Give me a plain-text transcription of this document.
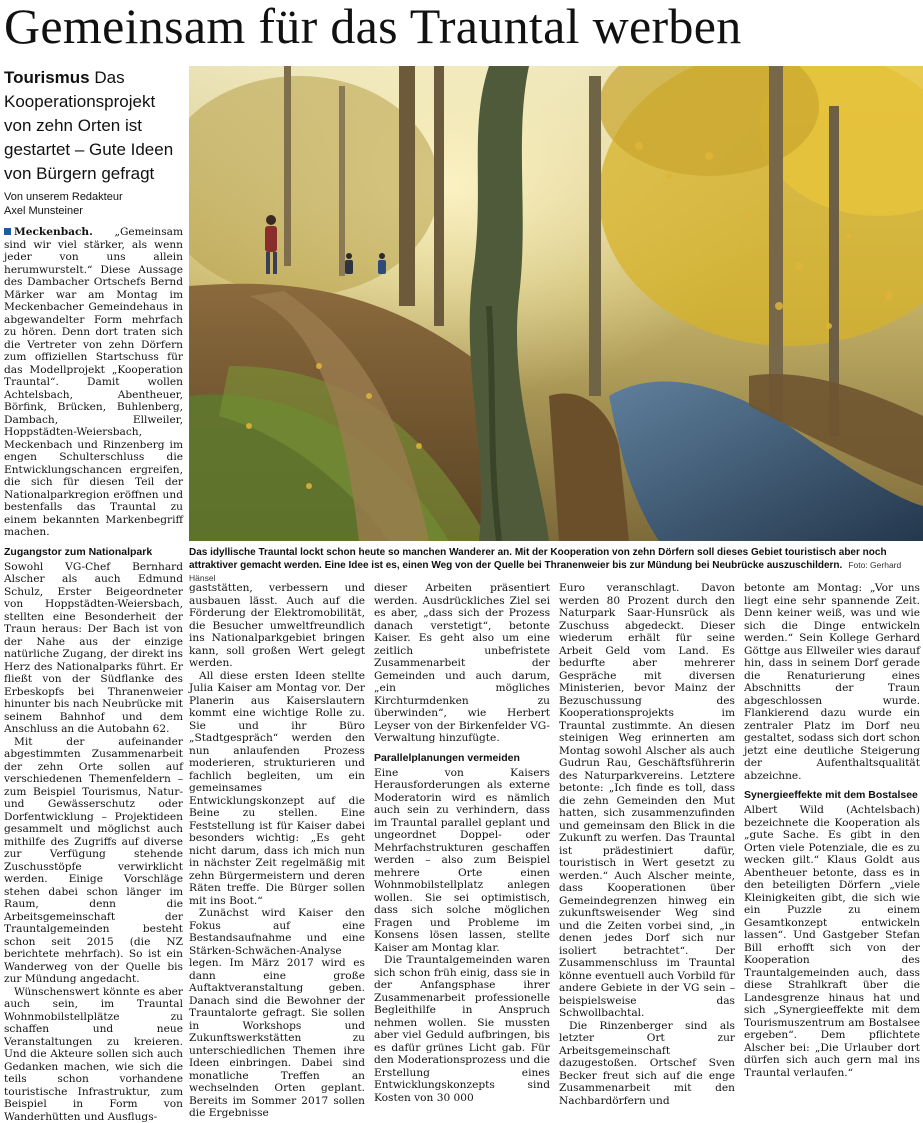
Gemeinsam für das Trauntal werben
Tourismus Das Kooperationsprojekt von zehn Orten ist gestartet – Gute Ideen von Bürgern gefragt
Von unserem Redakteur
Axel Munsteiner
Das idyllische Trauntal lockt schon heute so manchen Wanderer an. Mit der Kooperation von zehn Dörfern soll dieses Gebiet touristisch aber noch attraktiver gemacht werden. Eine Idee ist es, einen Weg von der Quelle bei Thranenweier bis zur Mündung bei Neubrücke auszuschildern. Foto: Gerhard Hänsel

Meckenbach. „Gemeinsam sind wir viel stärker, als wenn jeder von uns allein herumwurstelt.“ Diese Aussage des Dambacher Ortschefs Bernd Märker war am Montag im Meckenbacher Gemeindehaus in abgewandelter Form mehrfach zu hören. Denn dort traten sich die Vertreter von zehn Dörfern zum offiziellen Startschuss für das Modellprojekt „Kooperation Trauntal“. Damit wollen Achtelsbach, Abentheuer, Börfink, Brücken, Buhlenberg, Dambach, Ellweiler, Hoppstädten-Weiersbach, Meckenbach und Rinzenberg im engen Schulterschluss die Entwicklungschancen ergreifen, die sich für diesen Teil der Nationalparkregion eröffnen und bestenfalls das Trauntal zu einem bekannten Markenbegriff machen.

Zugangstor zum Nationalpark

Sowohl VG-Chef Bernhard Alscher als auch Edmund Schulz, Erster Beigeordneter von Hoppstädten-Weiersbach, stellten eine Besonderheit der Traun heraus: Der Bach ist von der Nahe aus der einzige natürliche Zugang, der direkt ins Herz des Nationalparks führt. Er fließt von der Südflanke des Erbeskopfs bei Thranenweier hinunter bis nach Neubrücke mit seinem Bahnhof und dem Anschluss an die Autobahn 62.

Mit der aufeinander abgestimmten Zusammenarbeit der zehn Orte sollen auf verschiedenen Themenfeldern – zum Beispiel Tourismus, Natur- und Gewässerschutz oder Dorfentwicklung – Projektideen gesammelt und möglichst auch mithilfe des Zugriffs auf diverse zur Verfügung stehende Zuschusstöpfe verwirklicht werden. Einige Vorschläge stehen dabei schon länger im Raum, denn die Arbeitsgemeinschaft der Trauntalgemeinden besteht schon seit 2015 (die NZ berichtete mehrfach). So ist ein Wanderweg von der Quelle bis zur Mündung angedacht.

Wünschenswert könnte es aber auch sein, im Trauntal Wohnmobilstellplätze zu schaffen und neue Veranstaltungen zu kreieren. Und die Akteure sollen sich auch Gedanken machen, wie sich die teils schon vorhandene touristische Infrastruktur, zum Beispiel in Form von Wanderhütten und Ausflugs-

gaststätten, verbessern und ausbauen lässt. Auch auf die Förderung der Elektromobilität, die Besucher umweltfreundlich ins Nationalparkgebiet bringen kann, soll großen Wert gelegt werden.

All diese ersten Ideen stellte Julia Kaiser am Montag vor. Der Planerin aus Kaiserslautern kommt eine wichtige Rolle zu. Sie und ihr Büro „Stadtgespräch“ werden den nun anlaufenden Prozess moderieren, strukturieren und fachlich begleiten, um ein gemeinsames Entwicklungskonzept auf die Beine zu stellen. Eine Feststellung ist für Kaiser dabei besonders wichtig: „Es geht nicht darum, dass ich mich nun in nächster Zeit regelmäßig mit zehn Bürgermeistern und deren Räten treffe. Die Bürger sollen mit ins Boot.“

Zunächst wird Kaiser den Fokus auf eine Bestandsaufnahme und eine Stärken-Schwächen-Analyse legen. Im März 2017 wird es dann eine große Auftaktveranstaltung geben. Danach sind die Bewohner der Trauntalorte gefragt. Sie sollen in Workshops und Zukunftswerkstätten zu unterschiedlichen Themen ihre Ideen einbringen. Dabei sind monatliche Treffen an wechselnden Orten geplant. Bereits im Sommer 2017 sollen die Ergebnisse

dieser Arbeiten präsentiert werden. Ausdrückliches Ziel sei es aber, „dass sich der Prozess danach verstetigt“, betonte Kaiser. Es geht also um eine zeitlich unbefristete Zusammenarbeit der Gemeinden und auch darum, „ein mögliches Kirchturmdenken zu überwinden“, wie Herbert Leyser von der Birkenfelder VG-Verwaltung hinzufügte.

Parallelplanungen vermeiden

Eine von Kaisers Herausforderungen als externe Moderatorin wird es nämlich auch sein zu verhindern, dass im Trauntal parallel geplant und ungeordnet Doppel- oder Mehrfachstrukturen geschaffen werden – also zum Beispiel mehrere Orte einen Wohnmobilstellplatz anlegen wollen. Sie sei optimistisch, dass sich solche möglichen Fragen und Probleme im Konsens lösen lassen, stellte Kaiser am Montag klar.

Die Trauntalgemeinden waren sich schon früh einig, dass sie in der Anfangsphase ihrer Zusammenarbeit professionelle Begleithilfe in Anspruch nehmen wollen. Sie mussten aber viel Geduld aufbringen, bis es dafür grünes Licht gab. Für den Moderationsprozess und die Erstellung eines Entwicklungskonzepts sind Kosten von 30 000

Euro veranschlagt. Davon werden 80 Prozent durch den Naturpark Saar-Hunsrück als Zuschuss abgedeckt. Dieser wiederum erhält für seine Arbeit Geld vom Land. Es bedurfte aber mehrerer Gespräche mit diversen Ministerien, bevor Mainz der Bezuschussung des Kooperationsprojekts im Trauntal zustimmte. An diesen steinigen Weg erinnerten am Montag sowohl Alscher als auch Gudrun Rau, Geschäftsführerin des Naturparkvereins. Letztere betonte: „Ich finde es toll, dass die zehn Gemeinden den Mut hatten, sich zusammenzufinden und gemeinsam den Blick in die Zukunft zu werfen. Das Trauntal ist prädestiniert dafür, touristisch in Wert gesetzt zu werden.“ Auch Alscher meinte, dass Kooperationen über Gemeindegrenzen hinweg ein zukunftsweisender Weg sind und die Zeiten vorbei sind, „in denen jedes Dorf sich nur isoliert betrachtet“. Der Zusammenschluss im Trauntal könne eventuell auch Vorbild für andere Gebiete in der VG sein – beispielsweise das Schwollbachtal.

Die Rinzenberger sind als letzter Ort zur Arbeitsgemeinschaft dazugestoßen. Ortschef Sven Becker freut sich auf die enge Zusammenarbeit mit den Nachbardörfern und

betonte am Montag: „Vor uns liegt eine sehr spannende Zeit. Denn keiner weiß, was und wie sich die Dinge entwickeln werden.“ Sein Kollege Gerhard Göttge aus Ellweiler wies darauf hin, dass in seinem Dorf gerade die Renaturierung eines Abschnitts der Traun abgeschlossen wurde. Flankierend dazu wurde ein zentraler Platz im Dorf neu gestaltet, sodass sich dort schon jetzt eine deutliche Steigerung der Aufenthaltsqualität abzeichne.

Synergieeffekte mit dem Bostalsee

Albert Wild (Achtelsbach) bezeichnete die Kooperation als „gute Sache. Es gibt in den Orten viele Potenziale, die es zu wecken gilt.“ Klaus Goldt aus Abentheuer betonte, dass es in den beteiligten Dörfern „viele Kleinigkeiten gibt, die sich wie ein Puzzle zu einem Gesamtkonzept entwickeln lassen“. Und Gastgeber Stefan Bill erhofft sich von der Kooperation des Trauntalgemeinden auch, dass diese Strahlkraft über die Landesgrenze hinaus hat und sich „Synergieeffekte mit dem Tourismuszentrum am Bostalsee ergeben“. Dem pflichtete Alscher bei: „Die Urlauber dort dürfen sich auch gern mal ins Trauntal verlaufen.“
